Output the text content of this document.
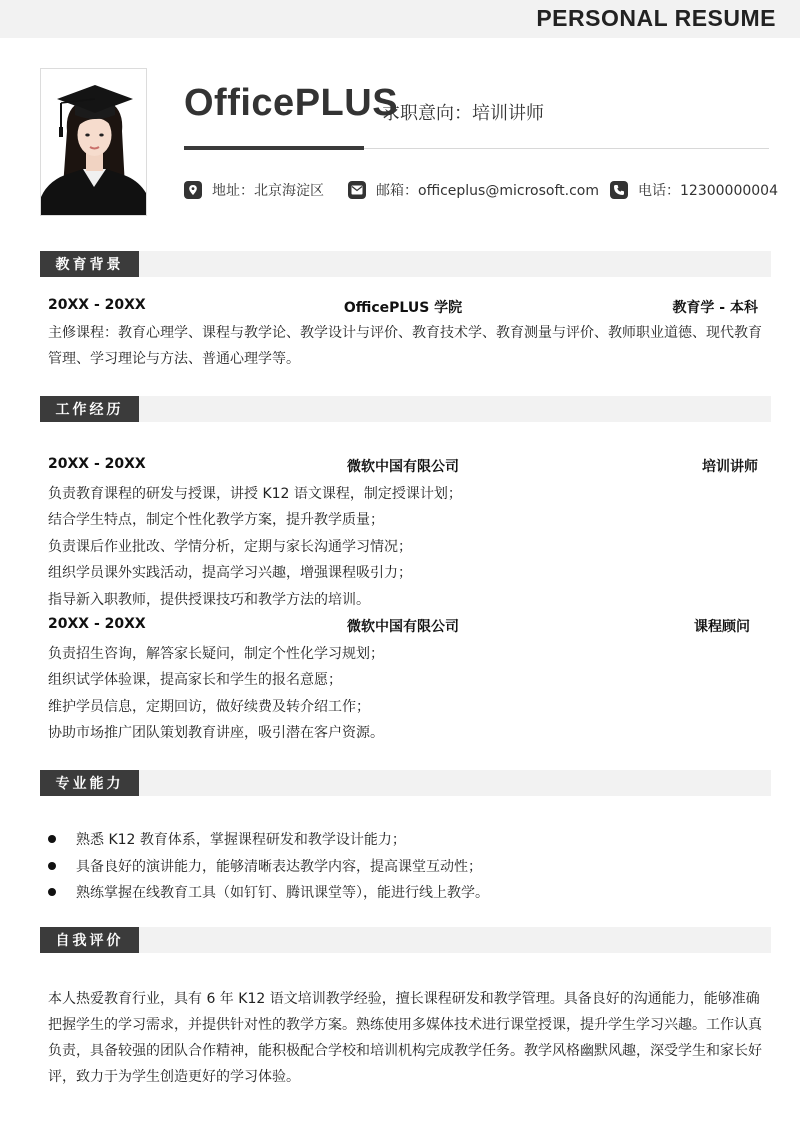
PERSONAL RESUME
OfficePLUS
求职意向：培训讲师
地址：北京海淀区	邮箱：officeplus@microsoft.com	电话：12300000004
教育背景
20XX - 20XX	OfficePLUS 学院	教育学 - 本科
主修课程：教育心理学、课程与教学论、教学设计与评价、教育技术学、教育测量与评价、教师职业道德、现代教育管理、学习理论与方法、普通心理学等。
工作经历
20XX - 20XX	微软中国有限公司	培训讲师
负责教育课程的研发与授课，讲授 K12 语文课程，制定授课计划；
结合学生特点，制定个性化教学方案，提升教学质量；
负责课后作业批改、学情分析，定期与家长沟通学习情况；
组织学员课外实践活动，提高学习兴趣，增强课程吸引力；
指导新入职教师，提供授课技巧和教学方法的培训。
20XX - 20XX	微软中国有限公司	课程顾问
负责招生咨询，解答家长疑问，制定个性化学习规划；
组织试学体验课，提高家长和学生的报名意愿；
维护学员信息，定期回访，做好续费及转介绍工作；
协助市场推广团队策划教育讲座，吸引潜在客户资源。
专业能力
熟悉 K12 教育体系，掌握课程研发和教学设计能力；
具备良好的演讲能力，能够清晰表达教学内容，提高课堂互动性；
熟练掌握在线教育工具（如钉钉、腾讯课堂等），能进行线上教学。
自我评价
本人热爱教育行业，具有 6 年 K12 语文培训教学经验，擅长课程研发和教学管理。具备良好的沟通能力，能够准确把握学生的学习需求，并提供针对性的教学方案。熟练使用多媒体技术进行课堂授课，提升学生学习兴趣。工作认真负责，具备较强的团队合作精神，能积极配合学校和培训机构完成教学任务。教学风格幽默风趣，深受学生和家长好评，致力于为学生创造更好的学习体验。
